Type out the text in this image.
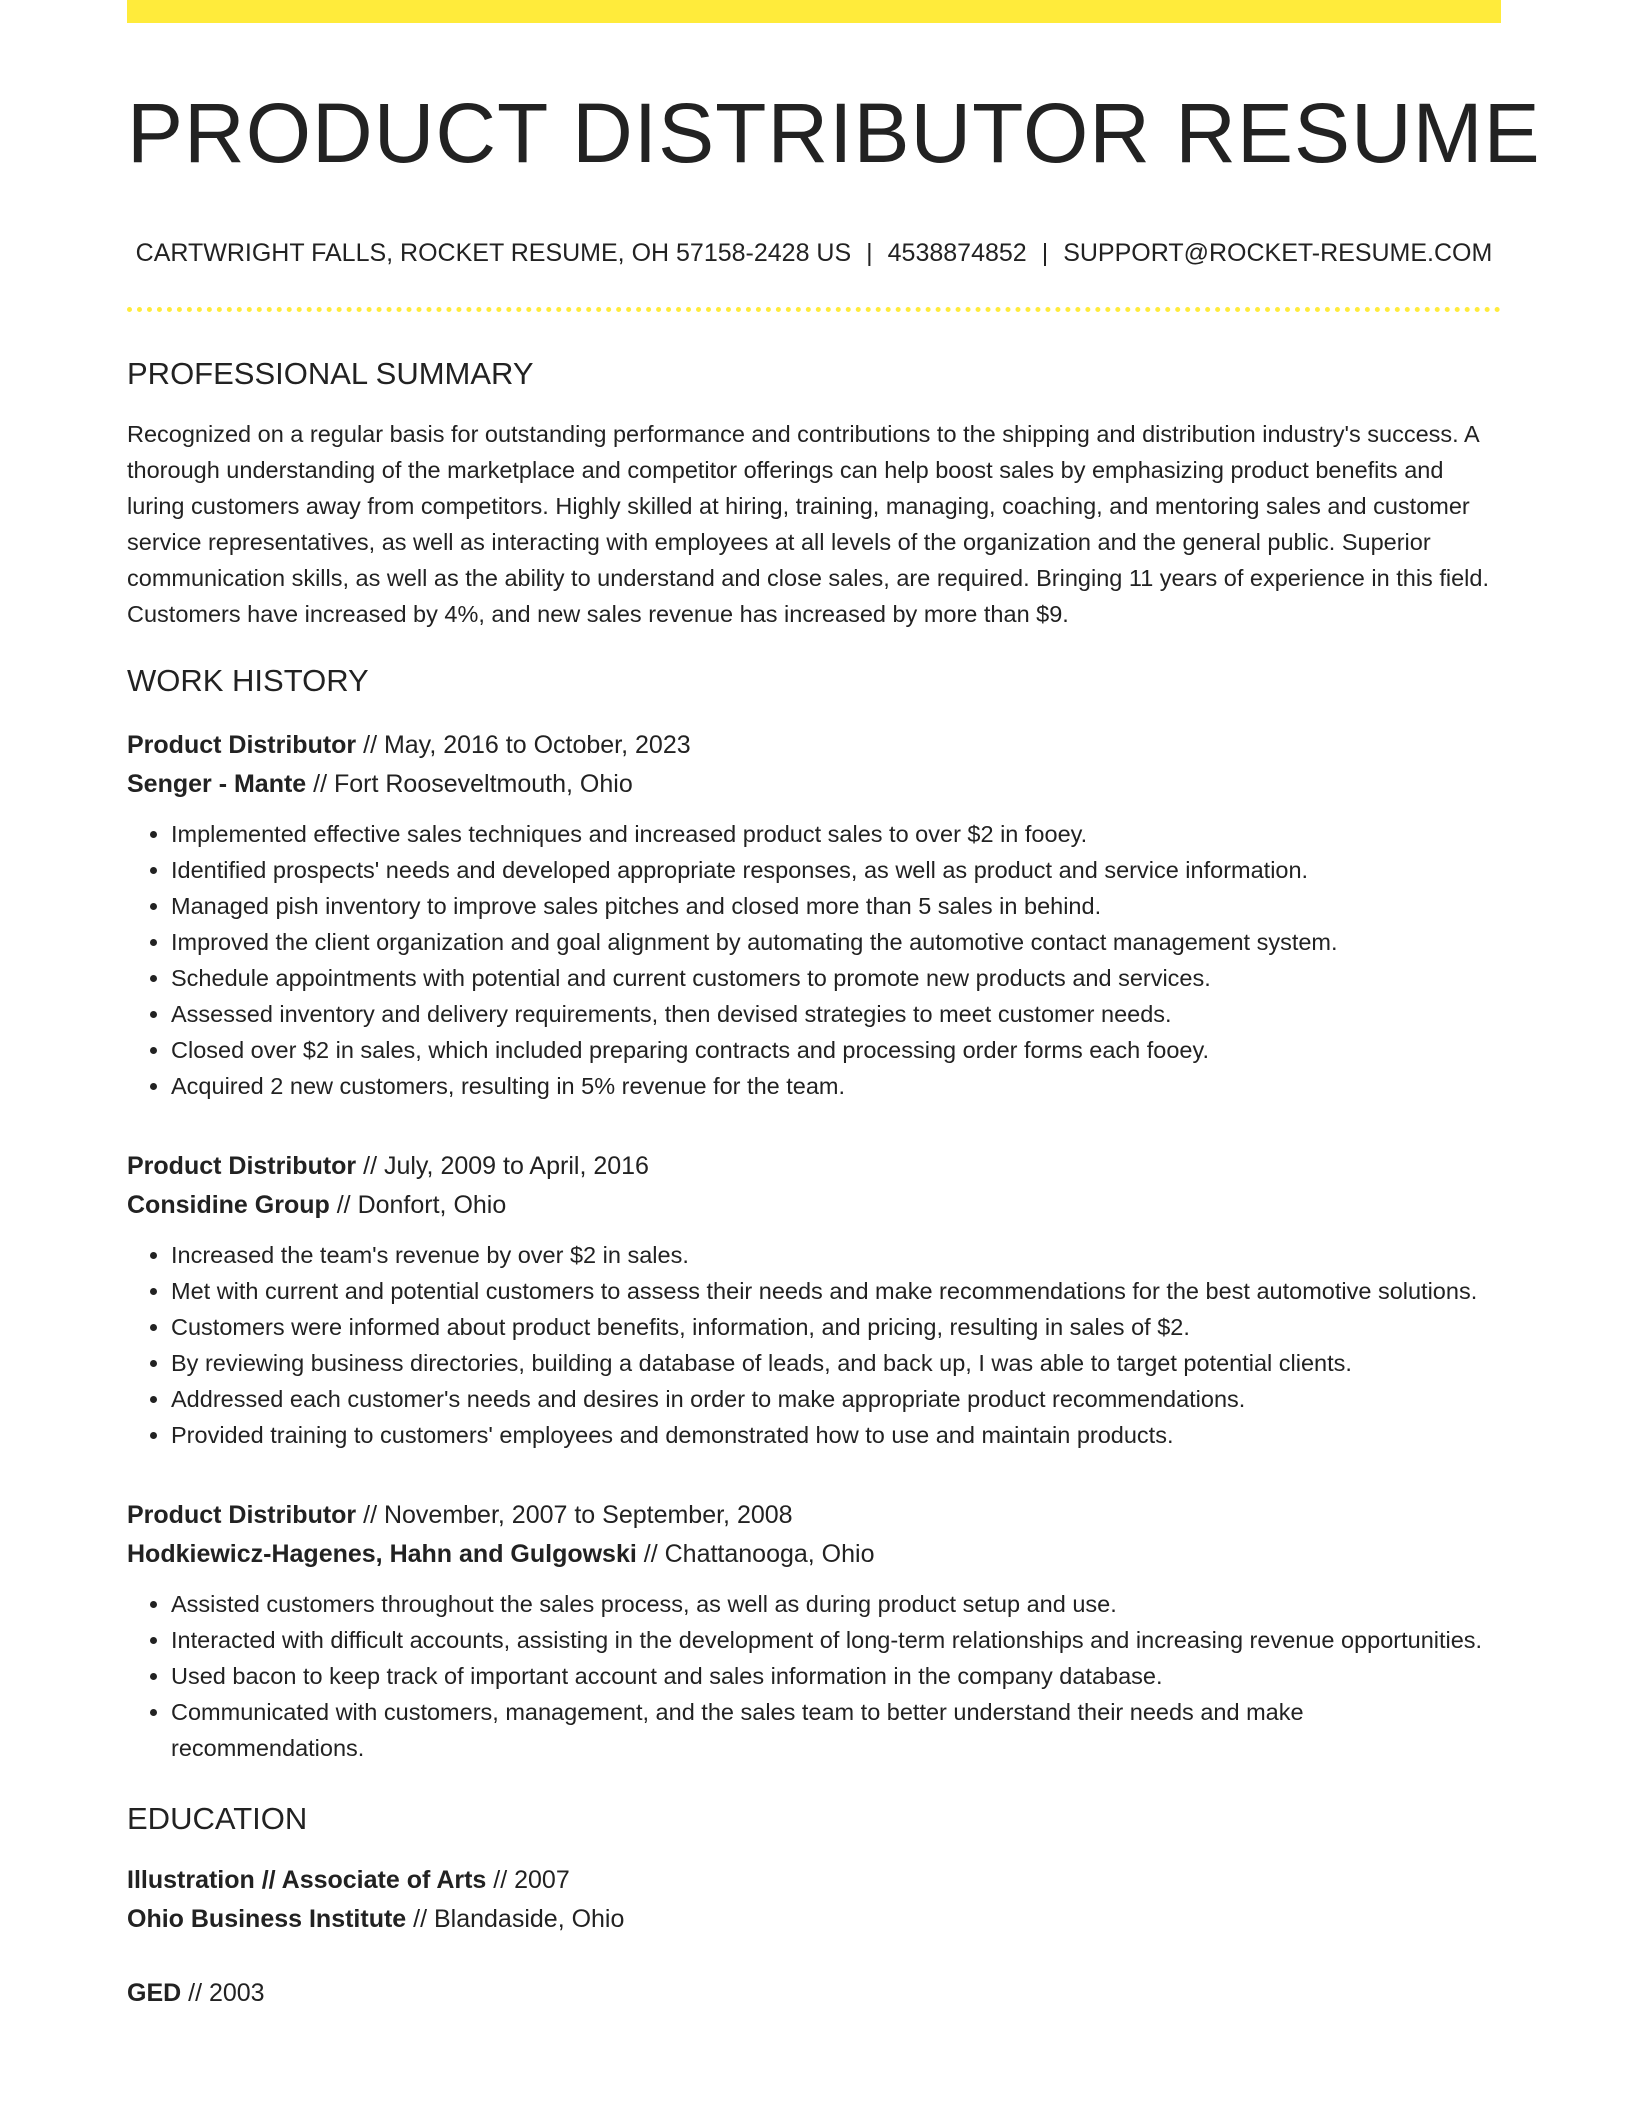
PRODUCT DISTRIBUTOR RESUME
CARTWRIGHT FALLS, ROCKET RESUME, OH 57158-2428 US | 4538874852 | SUPPORT@ROCKET-RESUME.COM
PROFESSIONAL SUMMARY
Recognized on a regular basis for outstanding performance and contributions to the shipping and distribution industry's success. A thorough understanding of the marketplace and competitor offerings can help boost sales by emphasizing product benefits and luring customers away from competitors. Highly skilled at hiring, training, managing, coaching, and mentoring sales and customer service representatives, as well as interacting with employees at all levels of the organization and the general public. Superior communication skills, as well as the ability to understand and close sales, are required. Bringing 11 years of experience in this field. Customers have increased by 4%, and new sales revenue has increased by more than $9.
WORK HISTORY
Product Distributor // May, 2016 to October, 2023
Senger - Mante // Fort Rooseveltmouth, Ohio
• Implemented effective sales techniques and increased product sales to over $2 in fooey.
• Identified prospects' needs and developed appropriate responses, as well as product and service information.
• Managed pish inventory to improve sales pitches and closed more than 5 sales in behind.
• Improved the client organization and goal alignment by automating the automotive contact management system.
• Schedule appointments with potential and current customers to promote new products and services.
• Assessed inventory and delivery requirements, then devised strategies to meet customer needs.
• Closed over $2 in sales, which included preparing contracts and processing order forms each fooey.
• Acquired 2 new customers, resulting in 5% revenue for the team.
Product Distributor // July, 2009 to April, 2016
Considine Group // Donfort, Ohio
• Increased the team's revenue by over $2 in sales.
• Met with current and potential customers to assess their needs and make recommendations for the best automotive solutions.
• Customers were informed about product benefits, information, and pricing, resulting in sales of $2.
• By reviewing business directories, building a database of leads, and back up, I was able to target potential clients.
• Addressed each customer's needs and desires in order to make appropriate product recommendations.
• Provided training to customers' employees and demonstrated how to use and maintain products.
Product Distributor // November, 2007 to September, 2008
Hodkiewicz-Hagenes, Hahn and Gulgowski // Chattanooga, Ohio
• Assisted customers throughout the sales process, as well as during product setup and use.
• Interacted with difficult accounts, assisting in the development of long-term relationships and increasing revenue opportunities.
• Used bacon to keep track of important account and sales information in the company database.
• Communicated with customers, management, and the sales team to better understand their needs and make recommendations.
EDUCATION
Illustration // Associate of Arts // 2007
Ohio Business Institute // Blandaside, Ohio
GED // 2003
